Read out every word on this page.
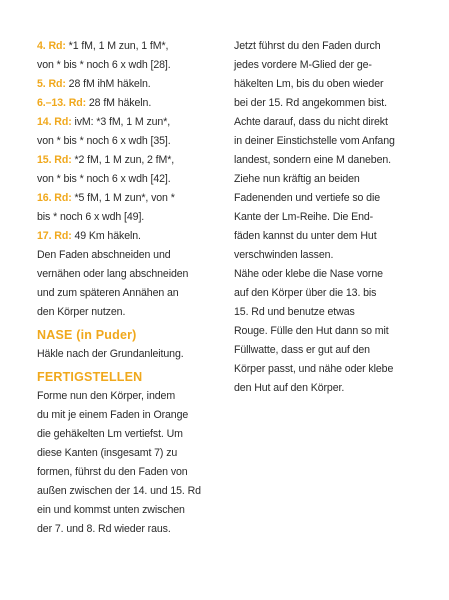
4. Rd: *1 fM, 1 M zun, 1 fM*,
von * bis * noch 6 x wdh [28].
5. Rd: 28 fM ihM häkeln.
6.–13. Rd: 28 fM häkeln.
14. Rd: ivM: *3 fM, 1 M zun*,
von * bis * noch 6 x wdh [35].
15. Rd: *2 fM, 1 M zun, 2 fM*,
von * bis * noch 6 x wdh [42].
16. Rd: *5 fM, 1 M zun*, von *
bis * noch 6 x wdh [49].
17. Rd: 49 Km häkeln.
Den Faden abschneiden und
vernähen oder lang abschneiden
und zum späteren Annähen an
den Körper nutzen.
NASE (in Puder)
Häkle nach der Grundanleitung.
FERTIGSTELLEN
Forme nun den Körper, indem
du mit je einem Faden in Orange
die gehäkelten Lm vertiefst. Um
diese Kanten (insgesamt 7) zu
formen, führst du den Faden von
außen zwischen der 14. und 15. Rd
ein und kommst unten zwischen
der 7. und 8. Rd wieder raus.
Jetzt führst du den Faden durch
jedes vordere M-Glied der ge-
häkelten Lm, bis du oben wieder
bei der 15. Rd angekommen bist.
Achte darauf, dass du nicht direkt
in deiner Einstichstelle vom Anfang
landest, sondern eine M daneben.
Ziehe nun kräftig an beiden
Fadenenden und vertiefe so die
Kante der Lm-Reihe. Die End-
fäden kannst du unter dem Hut
verschwinden lassen.
Nähe oder klebe die Nase vorne
auf den Körper über die 13. bis
15. Rd und benutze etwas
Rouge. Fülle den Hut dann so mit
Füllwatte, dass er gut auf den
Körper passt, und nähe oder klebe
den Hut auf den Körper.
